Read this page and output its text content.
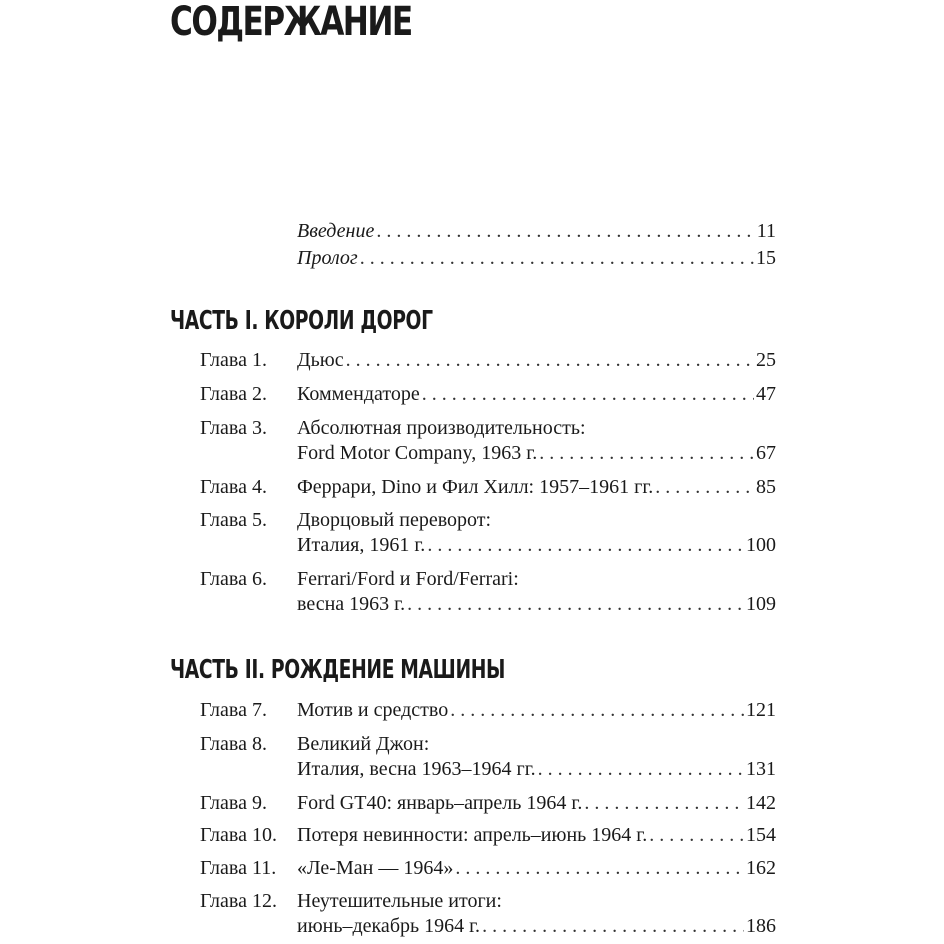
СОДЕРЖАНИЕ
Введение . . .	11
Пролог . . .	15
ЧАСТЬ I. КОРОЛИ ДОРОГ
Глава 1. Дьюс . . .	25
Глава 2. Коммендаторе . . .	47
Глава 3. Абсолютная производительность:
Ford Motor Company, 1963 г. . . .	67
Глава 4. Феррари, Dino и Фил Хилл: 1957–1961 гг. . . .	85
Глава 5. Дворцовый переворот:
Италия, 1961 г. . . .	100
Глава 6. Ferrari/Ford и Ford/Ferrari:
весна 1963 г. . . .	109
ЧАСТЬ II. РОЖДЕНИЕ МАШИНЫ
Глава 7. Мотив и средство . . .	121
Глава 8. Великий Джон:
Италия, весна 1963–1964 гг. . . .	131
Глава 9. Ford GT40: январь–апрель 1964 г. . . .	142
Глава 10. Потеря невинности: апрель–июнь 1964 г. . . .	154
Глава 11. «Ле-Ман — 1964» . . .	162
Глава 12. Неутешительные итоги:
июнь–декабрь 1964 г. . . .	186
